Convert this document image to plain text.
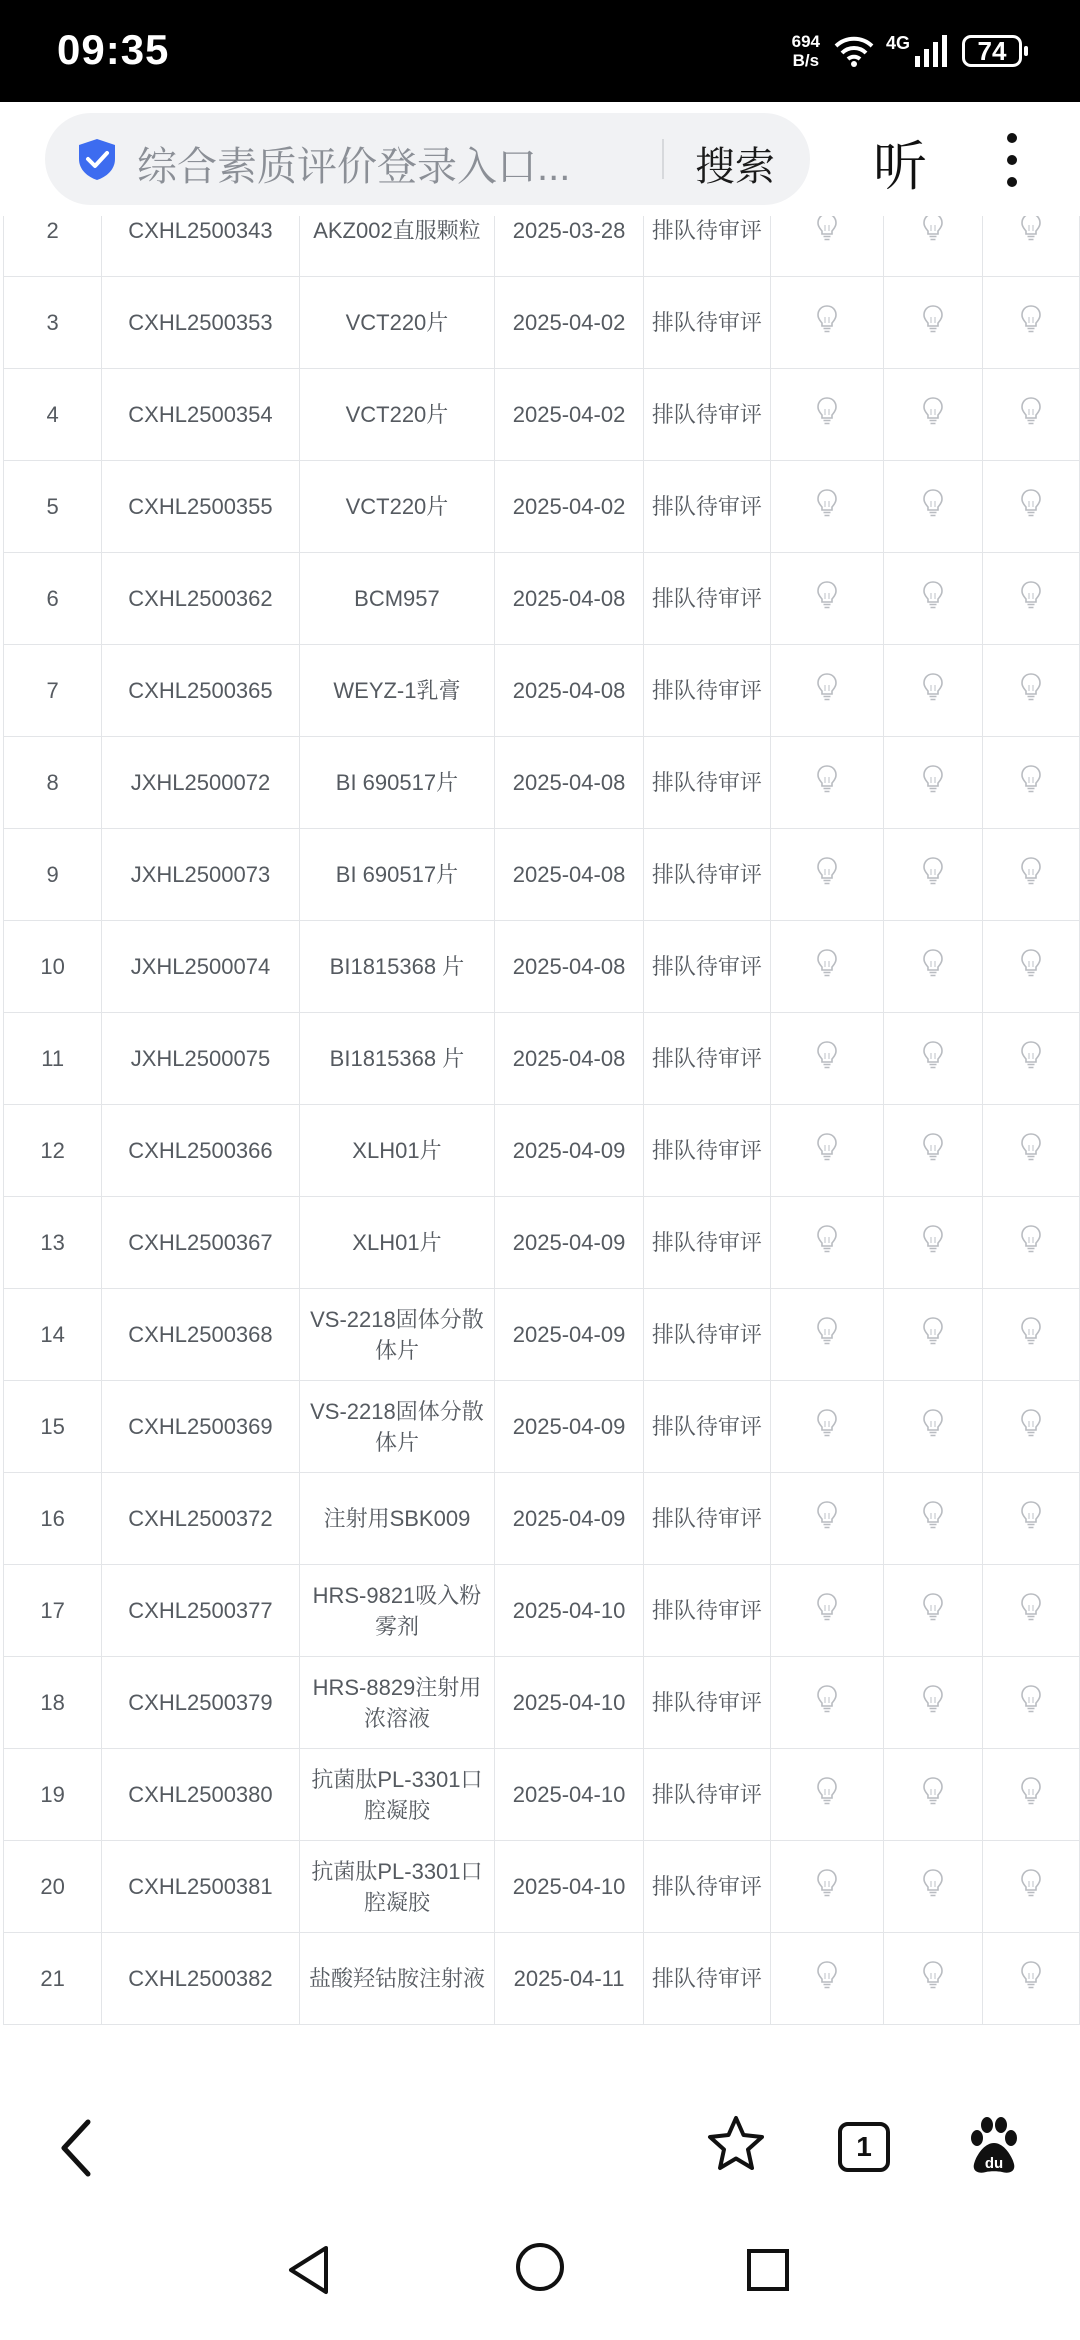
09:35	694
B/s
4G	74
综合素质评价登录入口...	搜索 听
2	CXHL2500343	AKZ002直服颗粒	2025-03-28	排队待审评			
3	CXHL2500353	VCT220片	2025-04-02	排队待审评			
4	CXHL2500354	VCT220片	2025-04-02	排队待审评			
5	CXHL2500355	VCT220片	2025-04-02	排队待审评			
6	CXHL2500362	BCM957	2025-04-08	排队待审评			
7	CXHL2500365	WEYZ-1乳膏	2025-04-08	排队待审评			
8	JXHL2500072	BI 690517片	2025-04-08	排队待审评			
9	JXHL2500073	BI 690517片	2025-04-08	排队待审评			
10	JXHL2500074	BI1815368 片	2025-04-08	排队待审评			
11	JXHL2500075	BI1815368 片	2025-04-08	排队待审评			
12	CXHL2500366	XLH01片	2025-04-09	排队待审评			
13	CXHL2500367	XLH01片	2025-04-09	排队待审评			
14	CXHL2500368	VS-2218固体分散体片	2025-04-09	排队待审评			
15	CXHL2500369	VS-2218固体分散体片	2025-04-09	排队待审评			
16	CXHL2500372	注射用SBK009	2025-04-09	排队待审评			
17	CXHL2500377	HRS-9821吸入粉雾剂	2025-04-10	排队待审评			
18	CXHL2500379	HRS-8829注射用浓溶液	2025-04-10	排队待审评			
19	CXHL2500380	抗菌肽PL-3301口腔凝胶	2025-04-10	排队待审评			
20	CXHL2500381	抗菌肽PL-3301口腔凝胶	2025-04-10	排队待审评			
21	CXHL2500382	盐酸羟钴胺注射液	2025-04-11	排队待审评			
1
du
